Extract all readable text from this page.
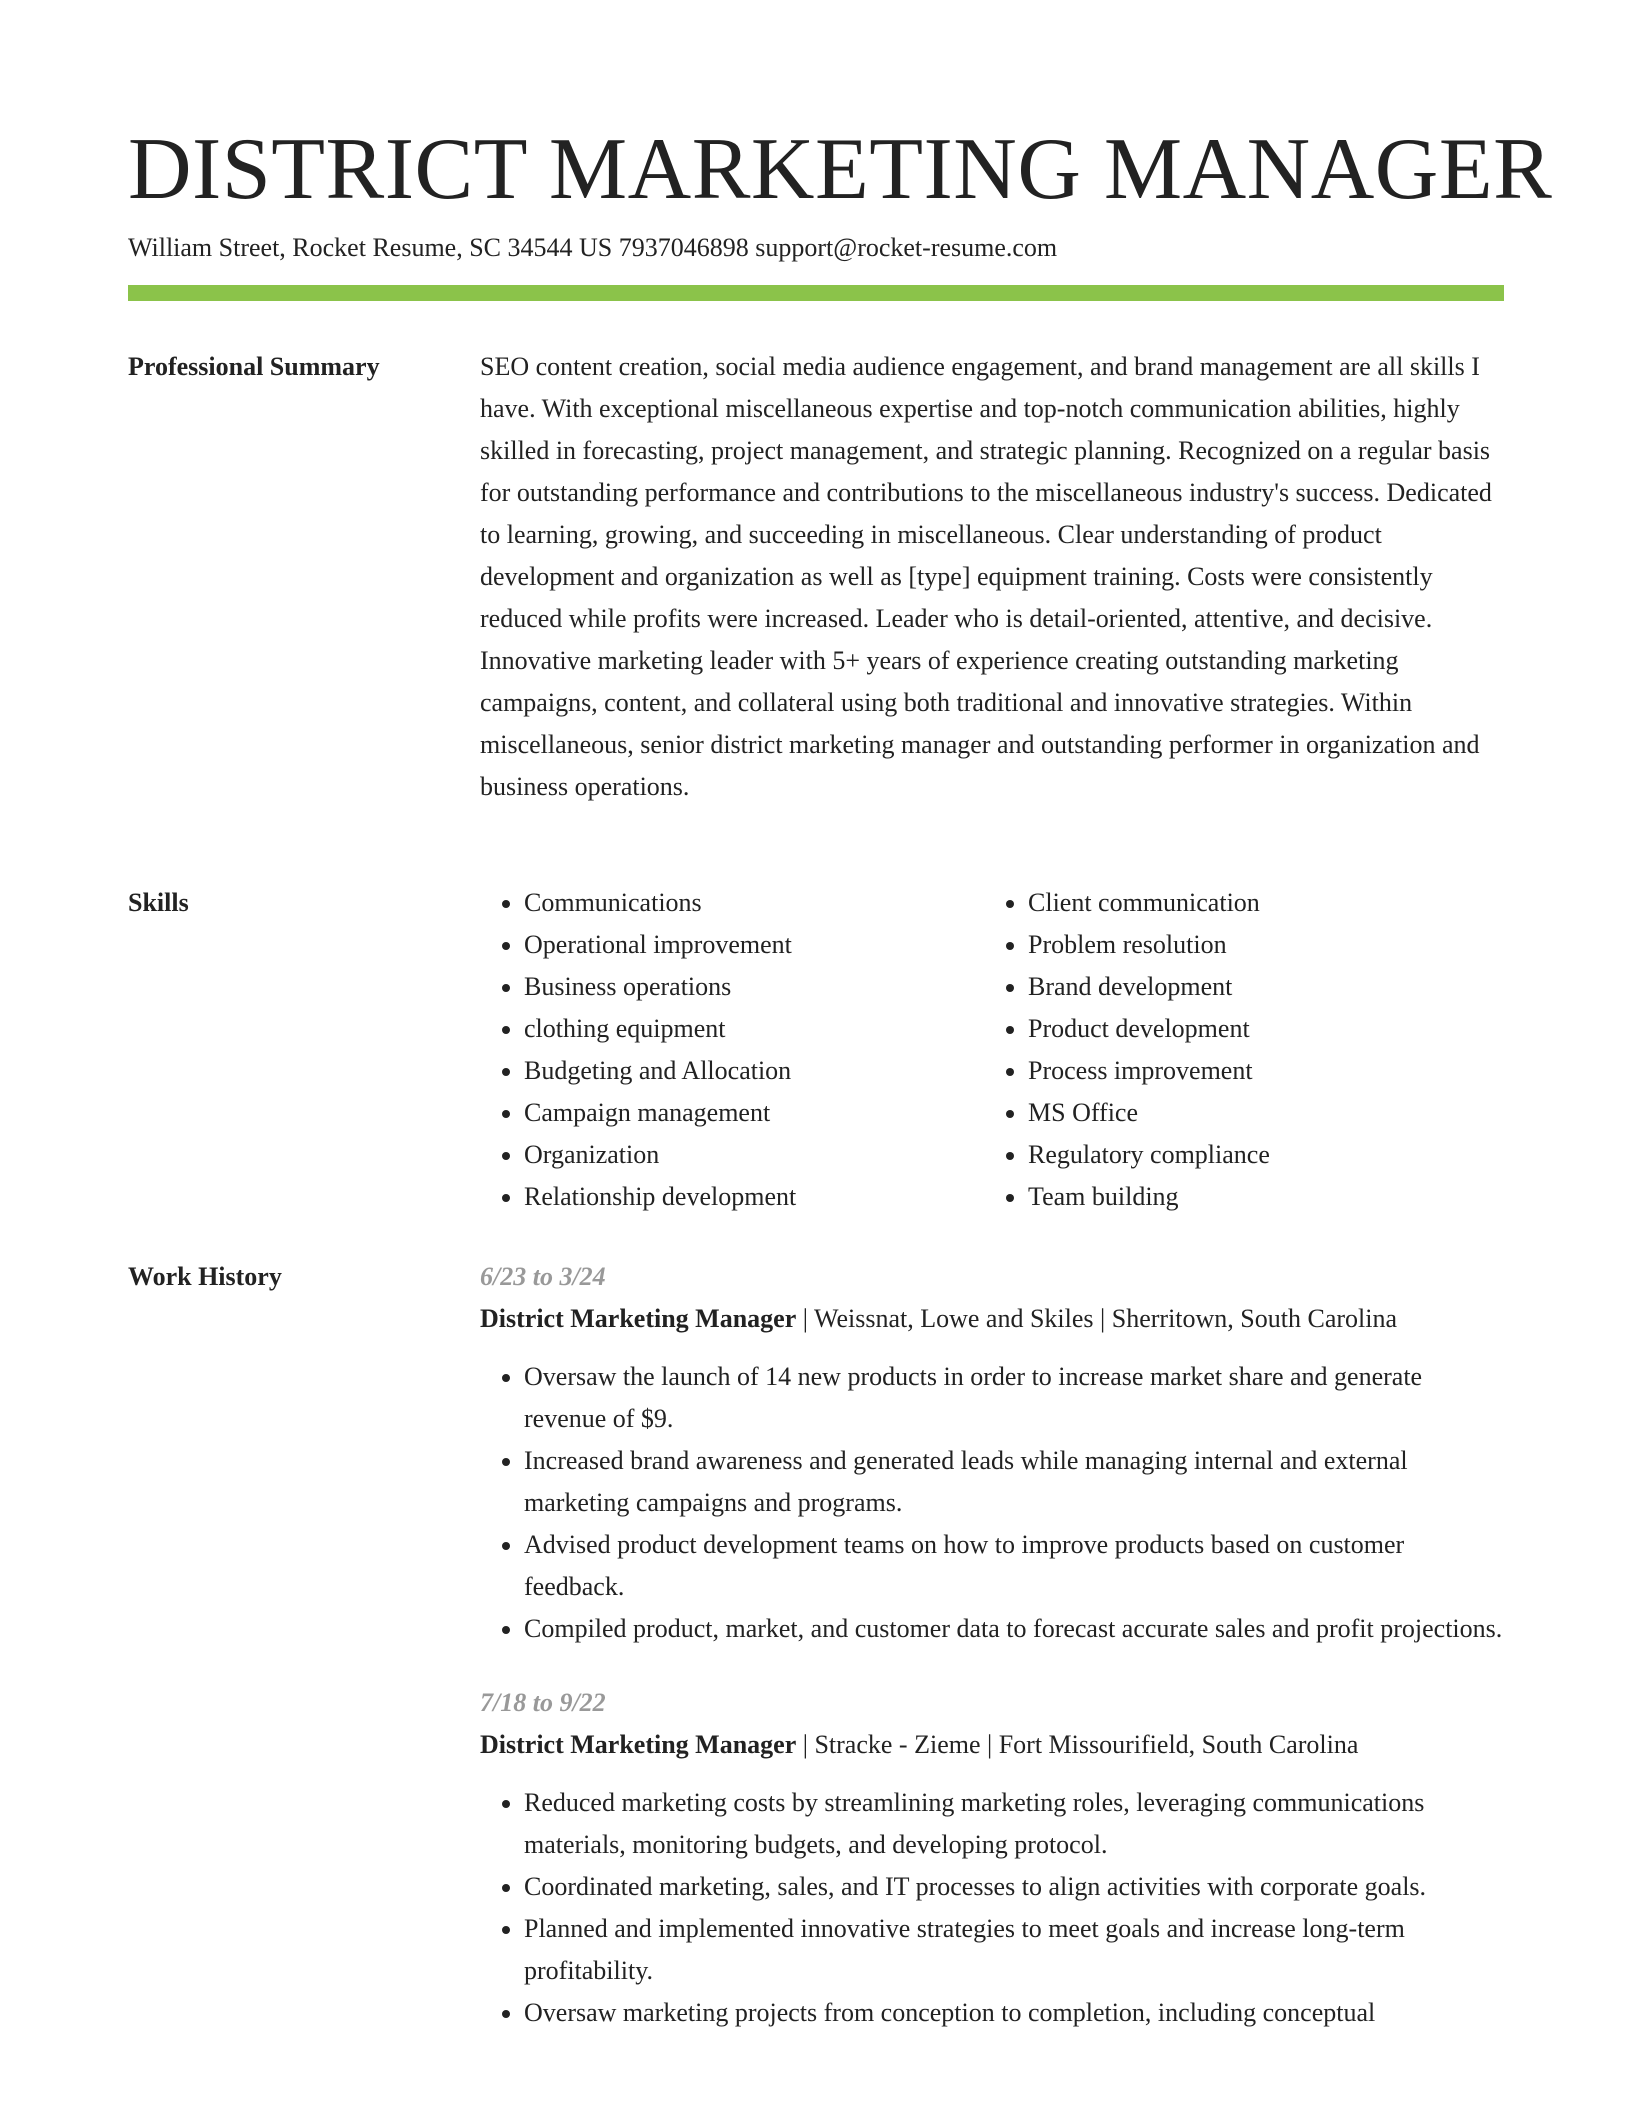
DISTRICT MARKETING MANAGER
William Street, Rocket Resume, SC 34544 US 7937046898 support@rocket-resume.com
Professional Summary	SEO content creation, social media audience engagement, and brand management are all skills I have. With exceptional miscellaneous expertise and top-notch communication abilities, highly skilled in forecasting, project management, and strategic planning. Recognized on a regular basis for outstanding performance and contributions to the miscellaneous industry's success. Dedicated to learning, growing, and succeeding in miscellaneous. Clear understanding of product development and organization as well as [type] equipment training. Costs were consistently reduced while profits were increased. Leader who is detail-oriented, attentive, and decisive. Innovative marketing leader with 5+ years of experience creating outstanding marketing campaigns, content, and collateral using both traditional and innovative strategies. Within miscellaneous, senior district marketing manager and outstanding performer in organization and business operations.

Skills
•	Communications
• Operational improvement
• Business operations
• clothing equipment
• Budgeting and Allocation
• Campaign management
• Organization
• Relationship development
• Client communication
• Problem resolution
• Brand development
• Product development
• Process improvement
• MS Office
• Regulatory compliance
• Team building
Work History	6/23 to 3/24
District Marketing Manager | Weissnat, Lowe and Skiles | Sherritown, South Carolina
• Oversaw the launch of 14 new products in order to increase market share and generate revenue of $9.
• Increased brand awareness and generated leads while managing internal and external marketing campaigns and programs.
• Advised product development teams on how to improve products based on customer feedback.
• Compiled product, market, and customer data to forecast accurate sales and profit projections.
7/18 to 9/22
District Marketing Manager | Stracke - Zieme | Fort Missourifield, South Carolina
• Reduced marketing costs by streamlining marketing roles, leveraging communications materials, monitoring budgets, and developing protocol.
• Coordinated marketing, sales, and IT processes to align activities with corporate goals.
• Planned and implemented innovative strategies to meet goals and increase long-term profitability.
• Oversaw marketing projects from conception to completion, including conceptual
